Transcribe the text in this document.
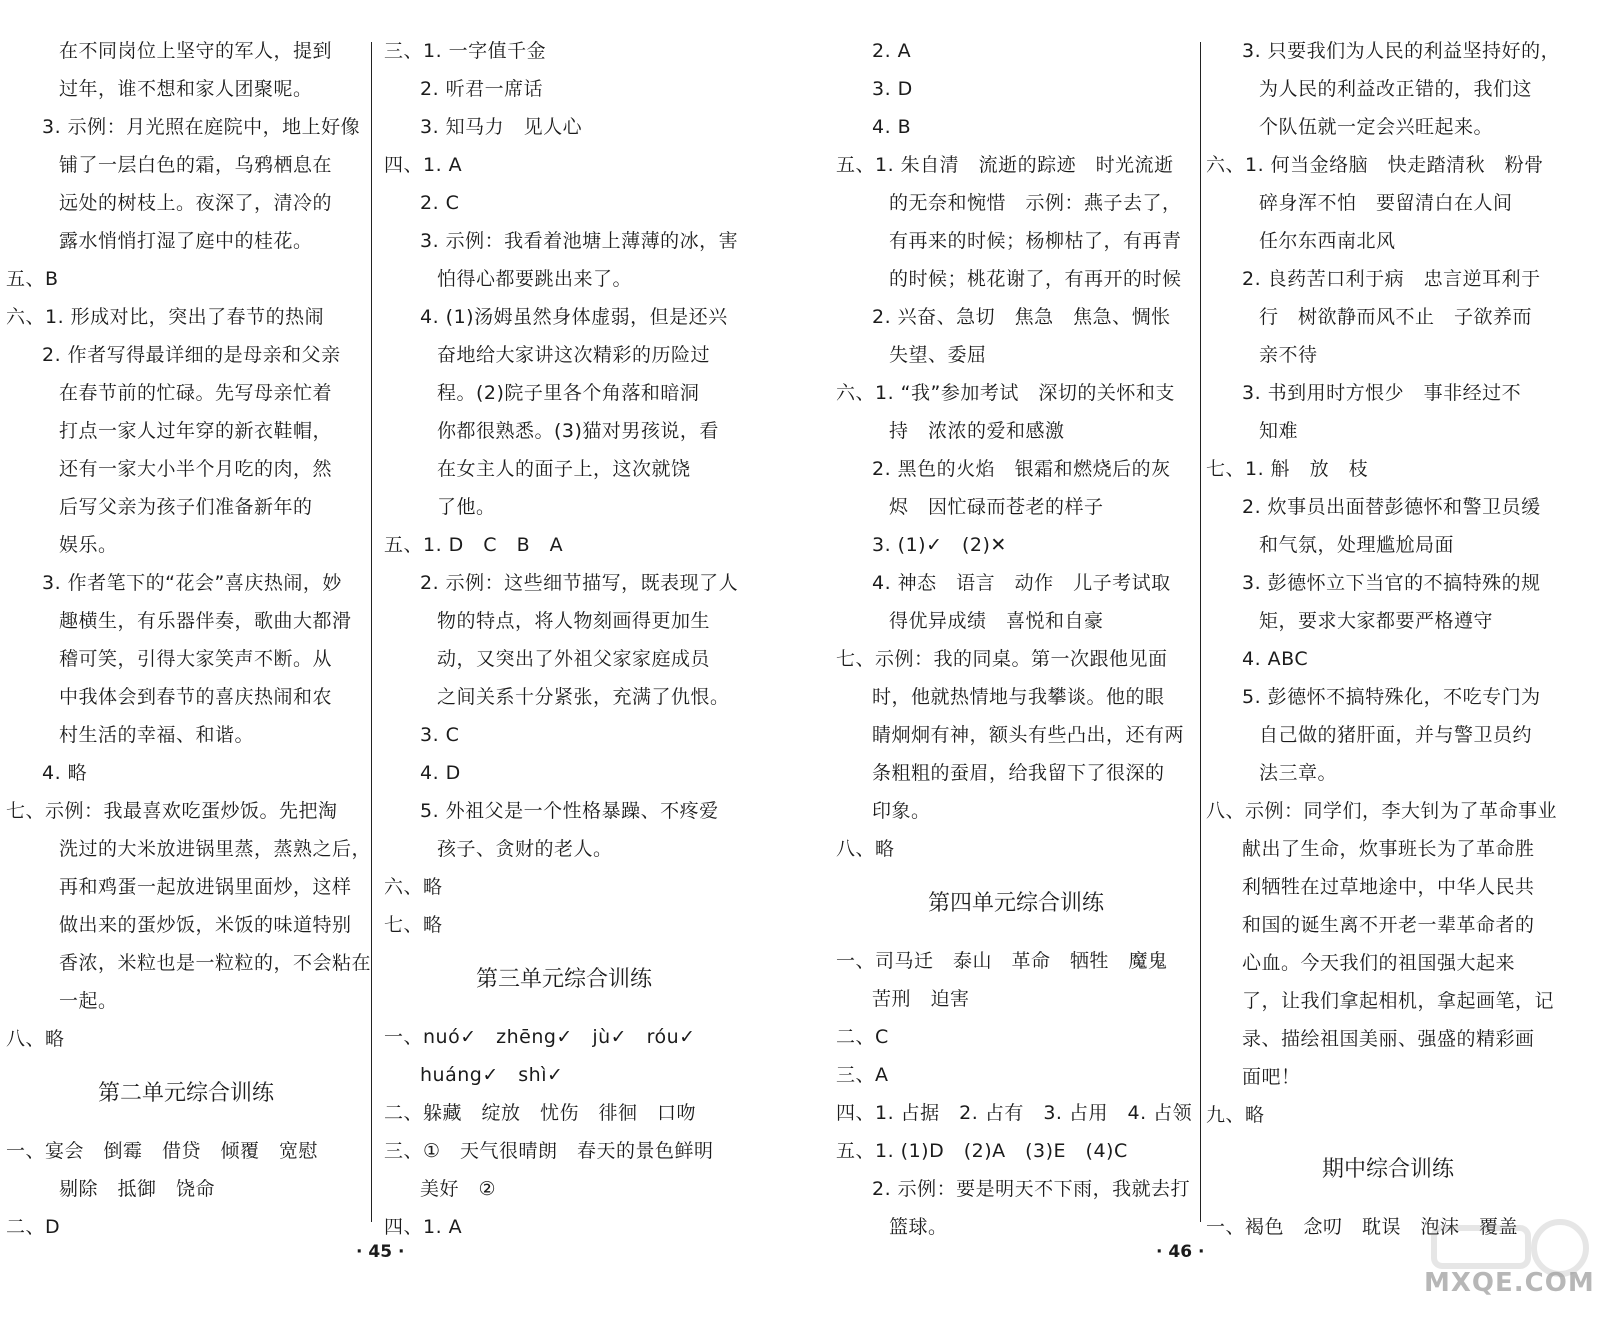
在不同岗位上坚守的军人，提到
过年，谁不想和家人团聚呢。
3. 示例：月光照在庭院中，地上好像
铺了一层白色的霜，乌鸦栖息在
远处的树枝上。夜深了，清冷的
露水悄悄打湿了庭中的桂花。
五、B
六、1. 形成对比，突出了春节的热闹
2. 作者写得最详细的是母亲和父亲
在春节前的忙碌。先写母亲忙着
打点一家人过年穿的新衣鞋帽，
还有一家大小半个月吃的肉，然
后写父亲为孩子们准备新年的
娱乐。
3. 作者笔下的“花会”喜庆热闹，妙
趣横生，有乐器伴奏，歌曲大都滑
稽可笑，引得大家笑声不断。从
中我体会到春节的喜庆热闹和农
村生活的幸福、和谐。
4. 略
七、示例：我最喜欢吃蛋炒饭。先把淘
洗过的大米放进锅里蒸，蒸熟之后，
再和鸡蛋一起放进锅里面炒，这样
做出来的蛋炒饭，米饭的味道特别
香浓，米粒也是一粒粒的，不会粘在
一起。
八、略
第二单元综合训练
一、宴会　倒霉　借贷　倾覆　宽慰
剔除　抵御　饶命
二、D
三、1. 一字值千金
2. 听君一席话
3. 知马力　见人心
四、1. A
2. C
3. 示例：我看着池塘上薄薄的冰，害
怕得心都要跳出来了。
4. (1)汤姆虽然身体虚弱，但是还兴
奋地给大家讲这次精彩的历险过
程。(2)院子里各个角落和暗洞
你都很熟悉。(3)猫对男孩说，看
在女主人的面子上，这次就饶
了他。
五、1. D　C　B　A
2. 示例：这些细节描写，既表现了人
物的特点，将人物刻画得更加生
动，又突出了外祖父家家庭成员
之间关系十分紧张，充满了仇恨。
3. C
4. D
5. 外祖父是一个性格暴躁、不疼爱
孩子、贪财的老人。
六、略
七、略
第三单元综合训练
一、nuó✓　zhēng✓　jù✓　róu✓
huáng✓　shì✓
二、躲藏　绽放　忧伤　徘徊　口吻
三、①　天气很晴朗　春天的景色鲜明
美好　②
四、1. A
2. A
3. D
4. B
五、1. 朱自清　流逝的踪迹　时光流逝
的无奈和惋惜　示例：燕子去了，
有再来的时候；杨柳枯了，有再青
的时候；桃花谢了，有再开的时候
2. 兴奋、急切　焦急　焦急、惆怅
失望、委屈
六、1. “我”参加考试　深切的关怀和支
持　浓浓的爱和感激
2. 黑色的火焰　银霜和燃烧后的灰
烬　因忙碌而苍老的样子
3. (1)✓　(2)✕
4. 神态　语言　动作　儿子考试取
得优异成绩　喜悦和自豪
七、示例：我的同桌。第一次跟他见面
时，他就热情地与我攀谈。他的眼
睛炯炯有神，额头有些凸出，还有两
条粗粗的蚕眉，给我留下了很深的
印象。
八、略
第四单元综合训练
一、司马迁　泰山　革命　牺牲　魔鬼
苦刑　迫害
二、C
三、A
四、1. 占据　2. 占有　3. 占用　4. 占领
五、1. (1)D　(2)A　(3)E　(4)C
2. 示例：要是明天不下雨，我就去打
篮球。
3. 只要我们为人民的利益坚持好的，
为人民的利益改正错的，我们这
个队伍就一定会兴旺起来。
六、1. 何当金络脑　快走踏清秋　粉骨
碎身浑不怕　要留清白在人间
任尔东西南北风
2. 良药苦口利于病　忠言逆耳利于
行　树欲静而风不止　子欲养而
亲不待
3. 书到用时方恨少　事非经过不
知难
七、1. 斛　放　枝
2. 炊事员出面替彭德怀和警卫员缓
和气氛，处理尴尬局面
3. 彭德怀立下当官的不搞特殊的规
矩，要求大家都要严格遵守
4. ABC
5. 彭德怀不搞特殊化，不吃专门为
自己做的猪肝面，并与警卫员约
法三章。
八、示例：同学们，李大钊为了革命事业
献出了生命，炊事班长为了革命胜
利牺牲在过草地途中，中华人民共
和国的诞生离不开老一辈革命者的
心血。今天我们的祖国强大起来
了，让我们拿起相机，拿起画笔，记
录、描绘祖国美丽、强盛的精彩画
面吧！
九、略
期中综合训练
一、褐色　念叨　耽误　泡沫　覆盖
· 45 ·	· 46 ·
MXQE.COM
